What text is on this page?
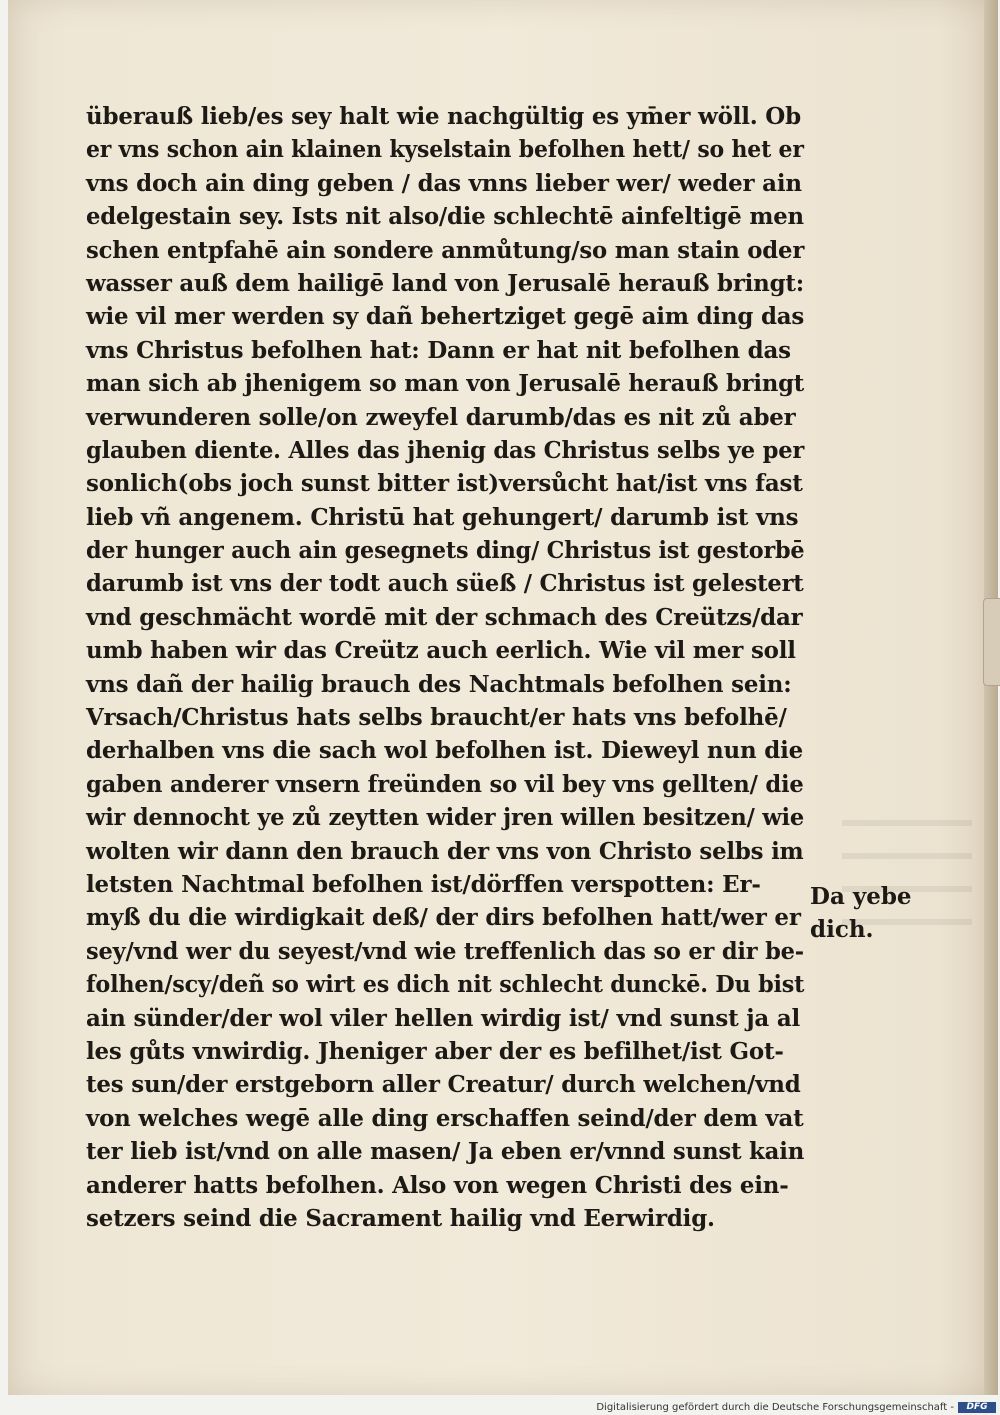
überauß lieb/es sey halt wie nachgültig es ym̄er wöll. Ob
er vns schon ain klainen kyselstain befolhen hett/ so het er
vns doch ain ding geben / das vnns lieber wer/ weder ain
edelgestain sey. Ists nit also/die schlechtē ainfeltigē men
schen entpfahē ain sondere anmůtung/so man stain oder
wasser auß dem hailigē land von Jerusalē herauß bringt:
wie vil mer werden sy dañ behertziget gegē aim ding das
vns Christus befolhen hat: Dann er hat nit befolhen das
man sich ab jhenigem so man von Jerusalē herauß bringt
verwunderen solle/on zweyfel darumb/das es nit zů aber
glauben diente. Alles das jhenig das Christus selbs ye per
sonlich(obs joch sunst bitter ist)versůcht hat/ist vns fast
lieb vñ angenem. Christū hat gehungert/ darumb ist vns
der hunger auch ain gesegnets ding/ Christus ist gestorbē
darumb ist vns der todt auch süeß / Christus ist gelestert
vnd geschmächt wordē mit der schmach des Creützs/dar
umb haben wir das Creütz auch eerlich. Wie vil mer soll
vns dañ der hailig brauch des Nachtmals befolhen sein:
Vrsach/Christus hats selbs braucht/er hats vns befolhē/
derhalben vns die sach wol befolhen ist. Dieweyl nun die
gaben anderer vnsern freünden so vil bey vns gellten/ die
wir dennocht ye zů zeytten wider jren willen besitzen/ wie
wolten wir dann den brauch der vns von Christo selbs im
letsten Nachtmal befolhen ist/dörffen verspotten: Er-
myß du die wirdigkait deß/ der dirs befolhen hatt/wer er
sey/vnd wer du seyest/vnd wie treffenlich das so er dir be-
folhen/scy/deñ so wirt es dich nit schlecht dunckē. Du bist
ain sünder/der wol viler hellen wirdig ist/ vnd sunst ja al
les gůts vnwirdig. Jheniger aber der es befilhet/ist Got-
tes sun/der erstgeborn aller Creatur/ durch welchen/vnd
von welches wegē alle ding erschaffen seind/der dem vat
ter lieb ist/vnd on alle masen/ Ja eben er/vnnd sunst kain
anderer hatts befolhen. Also von wegen Christi des ein-
setzers seind die Sacrament hailig vnd Eerwirdig.
Da yebe
dich.
Digitalisierung gefördert durch die Deutsche Forschungsgemeinschaft -	DFG
